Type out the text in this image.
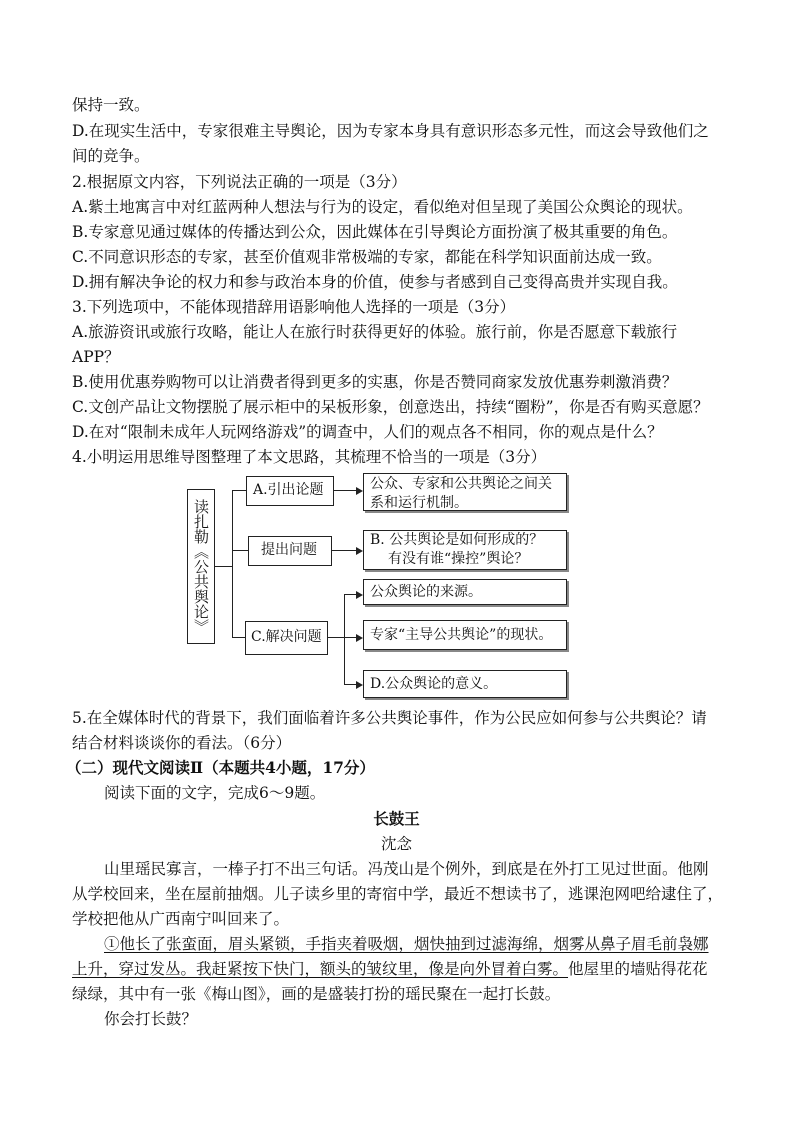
保持一致。
D.在现实生活中，专家很难主导舆论，因为专家本身具有意识形态多元性，而这会导致他们之
间的竞争。
2.根据原文内容，下列说法正确的一项是（3分）
A.紫土地寓言中对红蓝两种人想法与行为的设定，看似绝对但呈现了美国公众舆论的现状。
B.专家意见通过媒体的传播达到公众，因此媒体在引导舆论方面扮演了极其重要的角色。
C.不同意识形态的专家，甚至价值观非常极端的专家，都能在科学知识面前达成一致。
D.拥有解决争论的权力和参与政治本身的价值，使参与者感到自己变得高贵并实现自我。
3.下列选项中，不能体现措辞用语影响他人选择的一项是（3分）
A.旅游资讯或旅行攻略，能让人在旅行时获得更好的体验。旅行前，你是否愿意下载旅行
APP？
B.使用优惠券购物可以让消费者得到更多的实惠，你是否赞同商家发放优惠券刺激消费？
C.文创产品让文物摆脱了展示柜中的呆板形象，创意迭出，持续“圈粉”，你是否有购买意愿？
D.在对“限制未成年人玩网络游戏”的调查中，人们的观点各不相同，你的观点是什么？
4.小明运用思维导图整理了本文思路，其梳理不恰当的一项是（3分）
读扎勒《公共舆论》
A.引出论题
提出问题
C.解决问题
公众、专家和公共舆论之间关系和运行机制。
B. 公共舆论是如何形成的？
有没有谁“操控”舆论？
公众舆论的来源。
专家“主导公共舆论”的现状。
D.公众舆论的意义。
5.在全媒体时代的背景下，我们面临着许多公共舆论事件，作为公民应如何参与公共舆论？请
结合材料谈谈你的看法。（6分）
（二）现代文阅读Ⅱ（本题共4小题，17分）
阅读下面的文字，完成6～9题。
长鼓王
沈念
山里瑶民寡言，一棒子打不出三句话。冯茂山是个例外，到底是在外打工见过世面。他刚
从学校回来，坐在屋前抽烟。儿子读乡里的寄宿中学，最近不想读书了，逃课泡网吧给逮住了，
学校把他从广西南宁叫回来了。
①他长了张蛮面，眉头紧锁，手指夹着吸烟，烟快抽到过滤海绵，烟雾从鼻子眉毛前袅娜
上升，穿过发丛。我赶紧按下快门，额头的皱纹里，像是向外冒着白雾。他屋里的墙贴得花花
绿绿，其中有一张《梅山图》，画的是盛装打扮的瑶民聚在一起打长鼓。
你会打长鼓？
